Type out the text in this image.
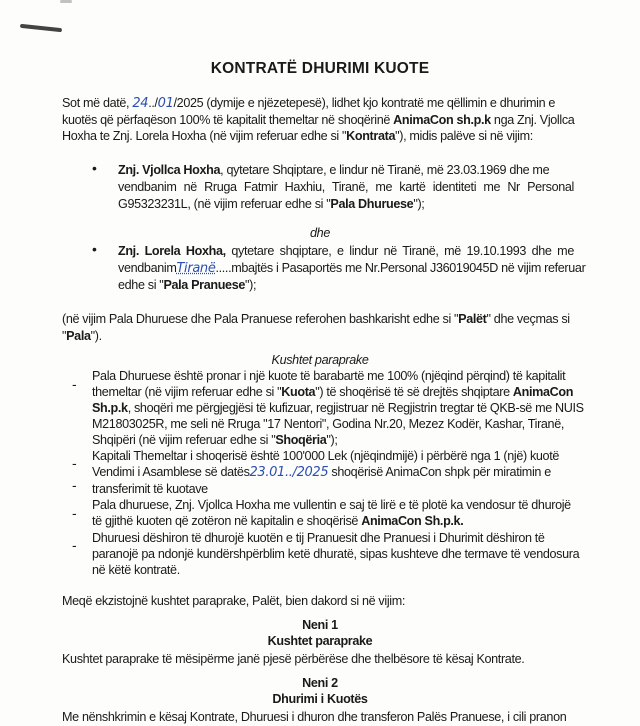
KONTRATË DHURIMI KUOTE
Sot më datë, 24../01/2025 (dymije e njëzetepesë), lidhet kjo kontratë me qëllimin e dhurimin e
kuotës që përfaqëson 100% të kapitalit themeltar në shoqërinë AnimaCon sh.p.k nga Znj. Vjollca
Hoxha te Znj. Lorela Hoxha (në vijim referuar edhe si "Kontrata"), midis palëve si në vijim:
• Znj. Vjollca Hoxha, qytetare Shqiptare, e lindur në Tiranë, më 23.03.1969 dhe me
vendbanim në Rruga Fatmir Haxhiu, Tiranë, me kartë identiteti me Nr Personal
G95323231L, (në vijim referuar edhe si "Pala Dhuruese");
dhe
• Znj. Lorela Hoxha, qytetare shqiptare, e lindur në Tiranë, më 19.10.1993 dhe me
vendbanimTiranë.....mbajtës i Pasaportës me Nr.Personal J36019045D në vijim referuar
edhe si "Pala Pranuese");
(në vijim Pala Dhuruese dhe Pala Pranuese referohen bashkarisht edhe si "Palët" dhe veçmas si
"Pala").
Kushtet paraprake
- Pala Dhuruese është pronar i një kuote të barabartë me 100% (njëqind përqind) të kapitalit
themeltar (në vijim referuar edhe si "Kuota") të shoqërisë të së drejtës shqiptare AnimaCon
Sh.p.k, shoqëri me përgjegjësi të kufizuar, regjistruar në Regjistrin tregtar të QKB-së me NUIS
M21803025R, me seli në Rruga "17 Nentori", Godina Nr.20, Mezez Kodër, Kashar, Tiranë,
Shqipëri (në vijim referuar edhe si "Shoqëria");
- Kapitali Themeltar i shoqerisë është 100'000 Lek (njëqindmijë) i përbërë nga 1 (një) kuotë
-
Vendimi i Asamblese së datës23.01../2025 shoqërisë AnimaCon shpk për miratimin e
transferimit të kuotave
- Pala dhuruese, Znj. Vjollca Hoxha me vullentin e saj të lirë e të plotë ka vendosur të dhurojë
të gjithë kuoten që zotëron në kapitalin e shoqërisë AnimaCon Sh.p.k.
- Dhuruesi dëshiron të dhurojë kuotën e tij Pranuesit dhe Pranuesi i Dhurimit dëshiron të
paranojë pa ndonjë kundërshpërblim ketë dhuratë, sipas kushteve dhe termave të vendosura
në këtë kontratë.
Meqë ekzistojnë kushtet paraprake, Palët, bien dakord si në vijim:
Neni 1
Kushtet paraprake
Kushtet paraprake të mësipërme janë pjesë përbërëse dhe thelbësore të kësaj Kontrate.
Neni 2
Dhurimi i Kuotës
Me nënshkrimin e kësaj Kontrate, Dhuruesi i dhuron dhe transferon Palës Pranuese, i cili pranon
